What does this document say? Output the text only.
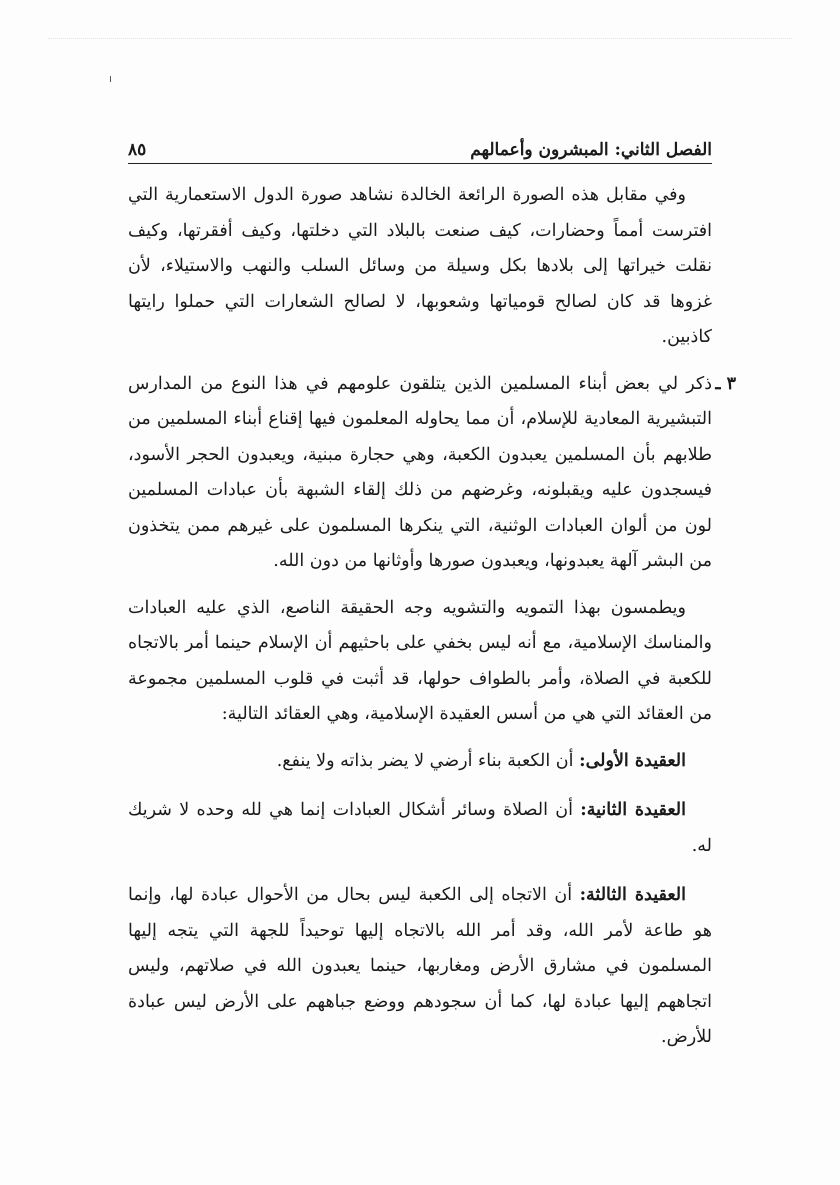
الفصل الثاني: المبشرون وأعمالهم
٨٥

وفي مقابل هذه الصورة الرائعة الخالدة نشاهد صورة الدول الاستعمارية التي افترست أمماً وحضارات، كيف صنعت بالبلاد التي دخلتها، وكيف أفقرتها، وكيف نقلت خيراتها إلى بلادها بكل وسيلة من وسائل السلب والنهب والاستيلاء، لأن غزوها قد كان لصالح قومياتها وشعوبها، لا لصالح الشعارات التي حملوا رايتها كاذبين.

٣ ـ
ذكر لي بعض أبناء المسلمين الذين يتلقون علومهم في هذا النوع من المدارس التبشيرية المعادية للإسلام، أن مما يحاوله المعلمون فيها إقناع أبناء المسلمين من طلابهم بأن المسلمين يعبدون الكعبة، وهي حجارة مبنية، ويعبدون الحجر الأسود، فيسجدون عليه ويقبلونه، وغرضهم من ذلك إلقاء الشبهة بأن عبادات المسلمين لون من ألوان العبادات الوثنية، التي ينكرها المسلمون على غيرهم ممن يتخذون من البشر آلهة يعبدونها، ويعبدون صورها وأوثانها من دون الله.

ويطمسون بهذا التمويه والتشويه وجه الحقيقة الناصع، الذي عليه العبادات والمناسك الإسلامية، مع أنه ليس بخفي على باحثيهم أن الإسلام حينما أمر بالاتجاه للكعبة في الصلاة، وأمر بالطواف حولها، قد أثبت في قلوب المسلمين مجموعة من العقائد التي هي من أسس العقيدة الإسلامية، وهي العقائد التالية:

العقيدة الأولى: أن الكعبة بناء أرضي لا يضر بذاته ولا ينفع.

العقيدة الثانية: أن الصلاة وسائر أشكال العبادات إنما هي لله وحده لا شريك له.

العقيدة الثالثة: أن الاتجاه إلى الكعبة ليس بحال من الأحوال عبادة لها، وإنما هو طاعة لأمر الله، وقد أمر الله بالاتجاه إليها توحيداً للجهة التي يتجه إليها المسلمون في مشارق الأرض ومغاربها، حينما يعبدون الله في صلاتهم، وليس اتجاههم إليها عبادة لها، كما أن سجودهم ووضع جباههم على الأرض ليس عبادة للأرض.
